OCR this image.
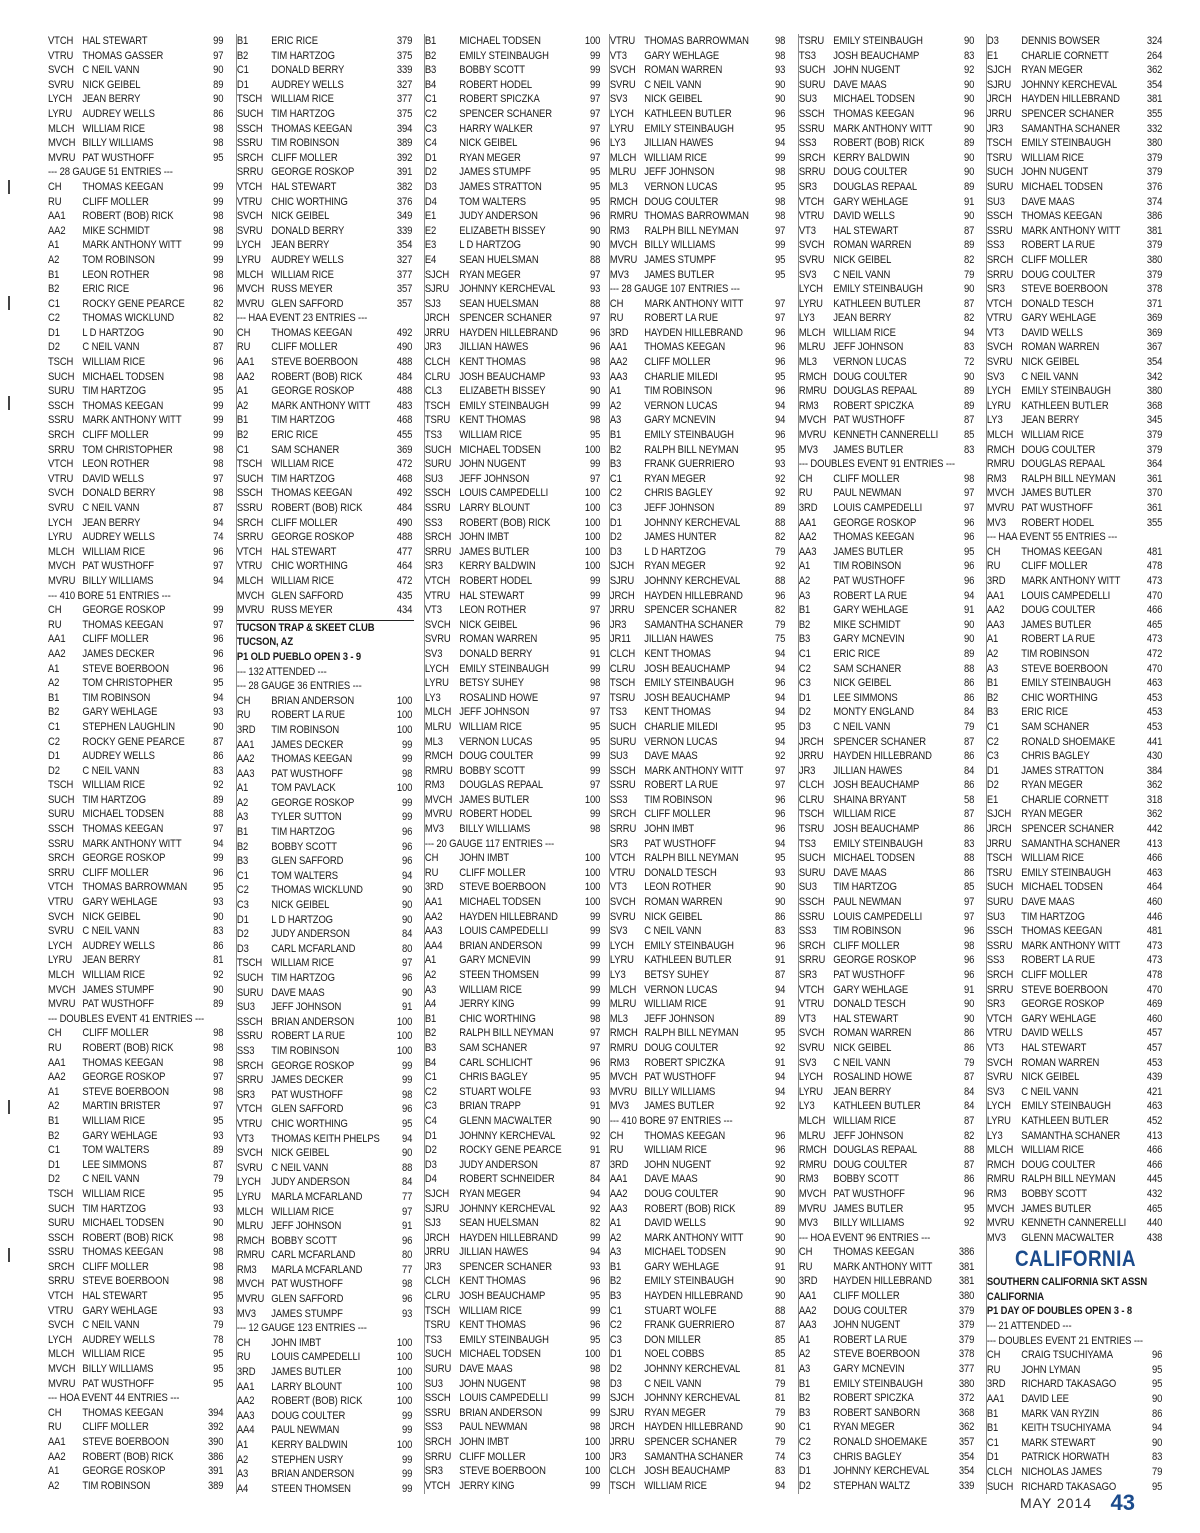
VTCH HAL STEWART	99
VTRU THOMAS GASSER	97
SVCH C NEIL VANN	90
SVRU NICK GEIBEL	89
LYCH JEAN BERRY	90
LYRU AUDREY WELLS	86
MLCH WILLIAM RICE	98
MVCH BILLY WILLIAMS	98
MVRU PAT WUSTHOFF	95
--- 28 GAUGE 51 ENTRIES ---
CH	THOMAS KEEGAN	99
RU	CLIFF MOLLER	99
AA1	ROBERT (BOB) RICK	98
AA2	MIKE SCHMIDT	98
A1	MARK ANTHONY WITT	99
A2	TOM ROBINSON	99
B1	LEON ROTHER	98
B2	ERIC RICE	96
C1	ROCKY GENE PEARCE	82
C2	THOMAS WICKLUND	82
D1	L D HARTZOG	90
D2	C NEIL VANN	87
TSCH WILLIAM RICE	96
SUCH MICHAEL TODSEN	98
SURU TIM HARTZOG	95
SSCH THOMAS KEEGAN	99
SSRU MARK ANTHONY WITT	99
SRCH CLIFF MOLLER	99
SRRU TOM CHRISTOPHER	98
VTCH LEON ROTHER	98
VTRU DAVID WELLS	97
SVCH DONALD BERRY	98
SVRU C NEIL VANN	87
LYCH JEAN BERRY	94
LYRU AUDREY WELLS	74
MLCH WILLIAM RICE	96
MVCH PAT WUSTHOFF	97
MVRU BILLY WILLIAMS	94
--- 410 BORE 51 ENTRIES ---
CH	GEORGE ROSKOP	99
RU	THOMAS KEEGAN	97
AA1	CLIFF MOLLER	96
AA2	JAMES DECKER	96
A1	STEVE BOERBOON	96
A2	TOM CHRISTOPHER	95
B1	TIM ROBINSON	94
B2	GARY WEHLAGE	93
C1	STEPHEN LAUGHLIN	90
C2	ROCKY GENE PEARCE	87
D1	AUDREY WELLS	86
D2	C NEIL VANN	83
TSCH WILLIAM RICE	92
SUCH TIM HARTZOG	89
SURU MICHAEL TODSEN	88
SSCH THOMAS KEEGAN	97
SSRU MARK ANTHONY WITT	94
SRCH GEORGE ROSKOP	99
SRRU CLIFF MOLLER	96
VTCH THOMAS BARROWMAN	95
VTRU GARY WEHLAGE	93
SVCH NICK GEIBEL	90
SVRU C NEIL VANN	83
LYCH AUDREY WELLS	86
LYRU JEAN BERRY	81
MLCH WILLIAM RICE	92
MVCH JAMES STUMPF	90
MVRU PAT WUSTHOFF	89
--- DOUBLES EVENT 41 ENTRIES ---
CH	CLIFF MOLLER	98
RU	ROBERT (BOB) RICK	98
AA1	THOMAS KEEGAN	98
AA2	GEORGE ROSKOP	97
A1	STEVE BOERBOON	98
A2	MARTIN BRISTER	97
B1	WILLIAM RICE	95
B2	GARY WEHLAGE	93
C1	TOM WALTERS	89
D1	LEE SIMMONS	87
D2	C NEIL VANN	79
TSCH WILLIAM RICE	95
SUCH TIM HARTZOG	93
SURU MICHAEL TODSEN	90
SSCH ROBERT (BOB) RICK	98
SSRU THOMAS KEEGAN	98
SRCH CLIFF MOLLER	98
SRRU STEVE BOERBOON	98
VTCH HAL STEWART	95
VTRU GARY WEHLAGE	93
SVCH C NEIL VANN	79
LYCH AUDREY WELLS	78
MLCH WILLIAM RICE	95
MVCH BILLY WILLIAMS	95
MVRU PAT WUSTHOFF	95
--- HOA EVENT 44 ENTRIES ---
CH	THOMAS KEEGAN	394
RU	CLIFF MOLLER	392
AA1	STEVE BOERBOON	390
AA2	ROBERT (BOB) RICK	386
A1	GEORGE ROSKOP	391
A2	TIM ROBINSON	389
B1	ERIC RICE	379
B2	TIM HARTZOG	375
C1	DONALD BERRY	339
D1	AUDREY WELLS	327
TSCH WILLIAM RICE	377
SUCH TIM HARTZOG	375
SSCH THOMAS KEEGAN	394
SSRU TIM ROBINSON	389
SRCH CLIFF MOLLER	392
SRRU GEORGE ROSKOP	391
VTCH HAL STEWART	382
VTRU CHIC WORTHING	376
SVCH NICK GEIBEL	349
SVRU DONALD BERRY	339
LYCH JEAN BERRY	354
LYRU AUDREY WELLS	327
MLCH WILLIAM RICE	377
MVCH RUSS MEYER	357
MVRU GLEN SAFFORD	357
--- HAA EVENT 23 ENTRIES ---
CH	THOMAS KEEGAN	492
RU	CLIFF MOLLER	490
AA1	STEVE BOERBOON	488
AA2	ROBERT (BOB) RICK	484
A1	GEORGE ROSKOP	488
A2	MARK ANTHONY WITT	483
B1	TIM HARTZOG	468
B2	ERIC RICE	455
C1	SAM SCHANER	369
TSCH WILLIAM RICE	472
SUCH TIM HARTZOG	468
SSCH THOMAS KEEGAN	492
SSRU ROBERT (BOB) RICK	484
SRCH CLIFF MOLLER	490
SRRU GEORGE ROSKOP	488
VTCH HAL STEWART	477
VTRU CHIC WORTHING	464
MLCH WILLIAM RICE	472
MVCH GLEN SAFFORD	435
MVRU RUSS MEYER	434
TUCSON TRAP & SKEET CLUB
TUCSON, AZ
P1 OLD PUEBLO OPEN 3 - 9
--- 132 ATTENDED ---
--- 28 GAUGE 36 ENTRIES ---
CH	BRIAN ANDERSON	100
RU	ROBERT LA RUE	100
3RD	TIM ROBINSON	100
AA1	JAMES DECKER	99
AA2	THOMAS KEEGAN	99
AA3	PAT WUSTHOFF	98
A1	TOM PAVLACK	100
A2	GEORGE ROSKOP	99
A3	TYLER SUTTON	99
B1	TIM HARTZOG	96
B2	BOBBY SCOTT	96
B3	GLEN SAFFORD	96
C1	TOM WALTERS	94
C2	THOMAS WICKLUND	90
C3	NICK GEIBEL	90
D1	L D HARTZOG	90
D2	JUDY ANDERSON	84
D3	CARL MCFARLAND	80
TSCH WILLIAM RICE	97
SUCH TIM HARTZOG	96
SURU DAVE MAAS	90
SU3	JEFF JOHNSON	91
SSCH BRIAN ANDERSON	100
SSRU ROBERT LA RUE	100
SS3	TIM ROBINSON	100
SRCH GEORGE ROSKOP	99
SRRU JAMES DECKER	99
SR3	PAT WUSTHOFF	98
VTCH GLEN SAFFORD	96
VTRU CHIC WORTHING	95
VT3	THOMAS KEITH PHELPS	94
SVCH NICK GEIBEL	90
SVRU C NEIL VANN	88
LYCH JUDY ANDERSON	84
LYRU MARLA MCFARLAND	77
MLCH WILLIAM RICE	97
MLRU JEFF JOHNSON	91
RMCH BOBBY SCOTT	96
RMRU CARL MCFARLAND	80
RM3	MARLA MCFARLAND	77
MVCH PAT WUSTHOFF	98
MVRU GLEN SAFFORD	96
MV3	JAMES STUMPF	93
--- 12 GAUGE 123 ENTRIES ---
CH	JOHN IMBT	100
RU	LOUIS CAMPEDELLI	100
3RD	JAMES BUTLER	100
AA1	LARRY BLOUNT	100
AA2	ROBERT (BOB) RICK	100
AA3	DOUG COULTER	99
AA4	PAUL NEWMAN	99
A1	KERRY BALDWIN	100
A2	STEPHEN USRY	99
A3	BRIAN ANDERSON	99
A4	STEEN THOMSEN	99
B1	MICHAEL TODSEN	100
B2	EMILY STEINBAUGH	99
B3	BOBBY SCOTT	99
B4	ROBERT HODEL	99
C1	ROBERT SPICZKA	97
C2	SPENCER SCHANER	97
C3	HARRY WALKER	97
C4	NICK GEIBEL	96
D1	RYAN MEGER	97
D2	JAMES STUMPF	95
D3	JAMES STRATTON	95
D4	TOM WALTERS	95
E1	JUDY ANDERSON	96
E2	ELIZABETH BISSEY	90
E3	L D HARTZOG	90
E4	SEAN HUELSMAN	88
SJCH RYAN MEGER	97
SJRU JOHNNY KERCHEVAL	93
SJ3	SEAN HUELSMAN	88
JRCH SPENCER SCHANER	97
JRRU HAYDEN HILLEBRAND	96
JR3	JILLIAN HAWES	96
CLCH KENT THOMAS	98
CLRU JOSH BEAUCHAMP	93
CL3	ELIZABETH BISSEY	90
TSCH EMILY STEINBAUGH	99
TSRU KENT THOMAS	98
TS3	WILLIAM RICE	95
SUCH MICHAEL TODSEN	100
SURU JOHN NUGENT	99
SU3	JEFF JOHNSON	97
SSCH LOUIS CAMPEDELLI	100
SSRU LARRY BLOUNT	100
SS3	ROBERT (BOB) RICK	100
SRCH JOHN IMBT	100
SRRU JAMES BUTLER	100
SR3	KERRY BALDWIN	100
VTCH ROBERT HODEL	99
VTRU HAL STEWART	99
VT3	LEON ROTHER	97
SVCH NICK GEIBEL	96
SVRU ROMAN WARREN	95
SV3	DONALD BERRY	91
LYCH EMILY STEINBAUGH	99
LYRU BETSY SUHEY	98
LY3	ROSALIND HOWE	97
MLCH JEFF JOHNSON	97
MLRU WILLIAM RICE	95
ML3	VERNON LUCAS	95
RMCH DOUG COULTER	99
RMRU BOBBY SCOTT	99
RM3	DOUGLAS REPAAL	97
MVCH JAMES BUTLER	100
MVRU ROBERT HODEL	99
MV3	BILLY WILLIAMS	98
--- 20 GAUGE 117 ENTRIES ---
CH	JOHN IMBT	100
RU	CLIFF MOLLER	100
3RD	STEVE BOERBOON	100
AA1	MICHAEL TODSEN	100
AA2	HAYDEN HILLEBRAND	99
AA3	LOUIS CAMPEDELLI	99
AA4	BRIAN ANDERSON	99
A1	GARY MCNEVIN	99
A2	STEEN THOMSEN	99
A3	WILLIAM RICE	99
A4	JERRY KING	99
B1	CHIC WORTHING	98
B2	RALPH BILL NEYMAN	97
B3	SAM SCHANER	97
B4	CARL SCHLICHT	96
C1	CHRIS BAGLEY	95
C2	STUART WOLFE	93
C3	BRIAN TRAPP	91
C4	GLENN MACWALTER	90
D1	JOHNNY KERCHEVAL	92
D2	ROCKY GENE PEARCE	91
D3	JUDY ANDERSON	87
D4	ROBERT SCHNEIDER	84
SJCH RYAN MEGER	94
SJRU JOHNNY KERCHEVAL	92
SJ3	SEAN HUELSMAN	82
JRCH HAYDEN HILLEBRAND	99
JRRU JILLIAN HAWES	94
JR3	SPENCER SCHANER	93
CLCH KENT THOMAS	96
CLRU JOSH BEAUCHAMP	95
TSCH WILLIAM RICE	99
TSRU KENT THOMAS	96
TS3	EMILY STEINBAUGH	95
SUCH MICHAEL TODSEN	100
SURU DAVE MAAS	98
SU3	JOHN NUGENT	98
SSCH LOUIS CAMPEDELLI	99
SSRU BRIAN ANDERSON	99
SS3	PAUL NEWMAN	98
SRCH JOHN IMBT	100
SRRU CLIFF MOLLER	100
SR3	STEVE BOERBOON	100
VTCH JERRY KING	99
VTRU THOMAS BARROWMAN	98
VT3	GARY WEHLAGE	98
SVCH ROMAN WARREN	93
SVRU C NEIL VANN	90
SV3	NICK GEIBEL	90
LYCH KATHLEEN BUTLER	96
LYRU EMILY STEINBAUGH	95
LY3	JILLIAN HAWES	94
MLCH WILLIAM RICE	99
MLRU JEFF JOHNSON	98
ML3	VERNON LUCAS	95
RMCH DOUG COULTER	98
RMRU THOMAS BARROWMAN	98
RM3	RALPH BILL NEYMAN	97
MVCH BILLY WILLIAMS	99
MVRU JAMES STUMPF	95
MV3	JAMES BUTLER	95
--- 28 GAUGE 107 ENTRIES ---
CH	MARK ANTHONY WITT	97
RU	ROBERT LA RUE	97
3RD	HAYDEN HILLEBRAND	96
AA1	THOMAS KEEGAN	96
AA2	CLIFF MOLLER	96
AA3	CHARLIE MILEDI	95
A1	TIM ROBINSON	96
A2	VERNON LUCAS	94
A3	GARY MCNEVIN	94
B1	EMILY STEINBAUGH	96
B2	RALPH BILL NEYMAN	95
B3	FRANK GUERRIERO	93
C1	RYAN MEGER	92
C2	CHRIS BAGLEY	92
C3	JEFF JOHNSON	89
D1	JOHNNY KERCHEVAL	88
D2	JAMES HUNTER	82
D3	L D HARTZOG	79
SJCH RYAN MEGER	92
SJRU JOHNNY KERCHEVAL	88
JRCH HAYDEN HILLEBRAND	96
JRRU SPENCER SCHANER	82
JR3	SAMANTHA SCHANER	79
JR11	JILLIAN HAWES	75
CLCH KENT THOMAS	94
CLRU JOSH BEAUCHAMP	94
TSCH EMILY STEINBAUGH	96
TSRU JOSH BEAUCHAMP	94
TS3	KENT THOMAS	94
SUCH CHARLIE MILEDI	95
SURU VERNON LUCAS	94
SU3	DAVE MAAS	92
SSCH MARK ANTHONY WITT	97
SSRU ROBERT LA RUE	97
SS3	TIM ROBINSON	96
SRCH CLIFF MOLLER	96
SRRU JOHN IMBT	96
SR3	PAT WUSTHOFF	94
VTCH RALPH BILL NEYMAN	95
VTRU DONALD TESCH	93
VT3	LEON ROTHER	90
SVCH ROMAN WARREN	90
SVRU NICK GEIBEL	86
SV3	C NEIL VANN	83
LYCH EMILY STEINBAUGH	96
LYRU KATHLEEN BUTLER	91
LY3	BETSY SUHEY	87
MLCH VERNON LUCAS	94
MLRU WILLIAM RICE	91
ML3	JEFF JOHNSON	89
RMCH RALPH BILL NEYMAN	95
RMRU DOUG COULTER	92
RM3	ROBERT SPICZKA	91
MVCH PAT WUSTHOFF	94
MVRU BILLY WILLIAMS	94
MV3	JAMES BUTLER	92
--- 410 BORE 97 ENTRIES ---
CH	THOMAS KEEGAN	96
RU	WILLIAM RICE	96
3RD	JOHN NUGENT	92
AA1	DAVE MAAS	90
AA2	DOUG COULTER	90
AA3	ROBERT (BOB) RICK	89
A1	DAVID WELLS	90
A2	MARK ANTHONY WITT	90
A3	MICHAEL TODSEN	90
B1	GARY WEHLAGE	91
B2	EMILY STEINBAUGH	90
B3	HAYDEN HILLEBRAND	90
C1	STUART WOLFE	88
C2	FRANK GUERRIERO	87
C3	DON MILLER	85
D1	NOEL COBBS	85
D2	JOHNNY KERCHEVAL	81
D3	C NEIL VANN	79
SJCH JOHNNY KERCHEVAL	81
SJRU RYAN MEGER	79
JRCH HAYDEN HILLEBRAND	90
JRRU SPENCER SCHANER	79
JR3	SAMANTHA SCHANER	74
CLCH JOSH BEAUCHAMP	83
TSCH WILLIAM RICE	94
TSRU EMILY STEINBAUGH	90
TS3	JOSH BEAUCHAMP	83
SUCH JOHN NUGENT	92
SURU DAVE MAAS	90
SU3	MICHAEL TODSEN	90
SSCH THOMAS KEEGAN	96
SSRU MARK ANTHONY WITT	90
SS3	ROBERT (BOB) RICK	89
SRCH KERRY BALDWIN	90
SRRU DOUG COULTER	90
SR3	DOUGLAS REPAAL	89
VTCH GARY WEHLAGE	91
VTRU DAVID WELLS	90
VT3	HAL STEWART	87
SVCH ROMAN WARREN	89
SVRU NICK GEIBEL	82
SV3	C NEIL VANN	79
LYCH EMILY STEINBAUGH	90
LYRU KATHLEEN BUTLER	87
LY3	JEAN BERRY	82
MLCH WILLIAM RICE	94
MLRU JEFF JOHNSON	83
ML3	VERNON LUCAS	72
RMCH DOUG COULTER	90
RMRU DOUGLAS REPAAL	89
RM3	ROBERT SPICZKA	89
MVCH PAT WUSTHOFF	87
MVRU KENNETH CANNERELLI	85
MV3	JAMES BUTLER	83
--- DOUBLES EVENT 91 ENTRIES ---
CH	CLIFF MOLLER	98
RU	PAUL NEWMAN	97
3RD	LOUIS CAMPEDELLI	97
AA1	GEORGE ROSKOP	96
AA2	THOMAS KEEGAN	96
AA3	JAMES BUTLER	95
A1	TIM ROBINSON	96
A2	PAT WUSTHOFF	96
A3	ROBERT LA RUE	94
B1	GARY WEHLAGE	91
B2	MIKE SCHMIDT	90
B3	GARY MCNEVIN	90
C1	ERIC RICE	89
C2	SAM SCHANER	88
C3	NICK GEIBEL	86
D1	LEE SIMMONS	86
D2	MONTY ENGLAND	84
D3	C NEIL VANN	79
JRCH SPENCER SCHANER	87
JRRU HAYDEN HILLEBRAND	86
JR3	JILLIAN HAWES	84
CLCH JOSH BEAUCHAMP	86
CLRU SHAINA BRYANT	58
TSCH WILLIAM RICE	87
TSRU JOSH BEAUCHAMP	86
TS3	EMILY STEINBAUGH	83
SUCH MICHAEL TODSEN	88
SURU DAVE MAAS	86
SU3	TIM HARTZOG	85
SSCH PAUL NEWMAN	97
SSRU LOUIS CAMPEDELLI	97
SS3	TIM ROBINSON	96
SRCH CLIFF MOLLER	98
SRRU GEORGE ROSKOP	96
SR3	PAT WUSTHOFF	96
VTCH GARY WEHLAGE	91
VTRU DONALD TESCH	90
VT3	HAL STEWART	90
SVCH ROMAN WARREN	86
SVRU NICK GEIBEL	86
SV3	C NEIL VANN	79
LYCH ROSALIND HOWE	87
LYRU JEAN BERRY	84
LY3	KATHLEEN BUTLER	84
MLCH WILLIAM RICE	87
MLRU JEFF JOHNSON	82
RMCH DOUGLAS REPAAL	88
RMRU DOUG COULTER	87
RM3	BOBBY SCOTT	86
MVCH PAT WUSTHOFF	96
MVRU JAMES BUTLER	95
MV3	BILLY WILLIAMS	92
--- HOA EVENT 96 ENTRIES ---
CH	THOMAS KEEGAN	386
RU	MARK ANTHONY WITT	381
3RD	HAYDEN HILLEBRAND	381
AA1	CLIFF MOLLER	380
AA2	DOUG COULTER	379
AA3	JOHN NUGENT	379
A1	ROBERT LA RUE	379
A2	STEVE BOERBOON	378
A3	GARY MCNEVIN	377
B1	EMILY STEINBAUGH	380
B2	ROBERT SPICZKA	372
B3	ROBERT SANBORN	368
C1	RYAN MEGER	362
C2	RONALD SHOEMAKE	357
C3	CHRIS BAGLEY	354
D1	JOHNNY KERCHEVAL	354
D2	STEPHAN WALTZ	339
D3	DENNIS BOWSER	324
E1	CHARLIE CORNETT	264
SJCH RYAN MEGER	362
SJRU JOHNNY KERCHEVAL	354
JRCH HAYDEN HILLEBRAND	381
JRRU SPENCER SCHANER	355
JR3	SAMANTHA SCHANER	332
TSCH EMILY STEINBAUGH	380
TSRU WILLIAM RICE	379
SUCH JOHN NUGENT	379
SURU MICHAEL TODSEN	376
SU3	DAVE MAAS	374
SSCH THOMAS KEEGAN	386
SSRU MARK ANTHONY WITT	381
SS3	ROBERT LA RUE	379
SRCH CLIFF MOLLER	380
SRRU DOUG COULTER	379
SR3	STEVE BOERBOON	378
VTCH DONALD TESCH	371
VTRU GARY WEHLAGE	369
VT3	DAVID WELLS	369
SVCH ROMAN WARREN	367
SVRU NICK GEIBEL	354
SV3	C NEIL VANN	342
LYCH EMILY STEINBAUGH	380
LYRU KATHLEEN BUTLER	368
LY3	JEAN BERRY	345
MLCH WILLIAM RICE	379
RMCH DOUG COULTER	379
RMRU DOUGLAS REPAAL	364
RM3	RALPH BILL NEYMAN	361
MVCH JAMES BUTLER	370
MVRU PAT WUSTHOFF	361
MV3	ROBERT HODEL	355
--- HAA EVENT 55 ENTRIES ---
CH	THOMAS KEEGAN	481
RU	CLIFF MOLLER	478
3RD	MARK ANTHONY WITT	473
AA1	LOUIS CAMPEDELLI	470
AA2	DOUG COULTER	466
AA3	JAMES BUTLER	465
A1	ROBERT LA RUE	473
A2	TIM ROBINSON	472
A3	STEVE BOERBOON	470
B1	EMILY STEINBAUGH	463
B2	CHIC WORTHING	453
B3	ERIC RICE	453
C1	SAM SCHANER	453
C2	RONALD SHOEMAKE	441
C3	CHRIS BAGLEY	430
D1	JAMES STRATTON	384
D2	RYAN MEGER	362
E1	CHARLIE CORNETT	318
SJCH RYAN MEGER	362
JRCH SPENCER SCHANER	442
JRRU SAMANTHA SCHANER	413
TSCH WILLIAM RICE	466
TSRU EMILY STEINBAUGH	463
SUCH MICHAEL TODSEN	464
SURU DAVE MAAS	460
SU3	TIM HARTZOG	446
SSCH THOMAS KEEGAN	481
SSRU MARK ANTHONY WITT	473
SS3	ROBERT LA RUE	473
SRCH CLIFF MOLLER	478
SRRU STEVE BOERBOON	470
SR3	GEORGE ROSKOP	469
VTCH GARY WEHLAGE	460
VTRU DAVID WELLS	457
VT3	HAL STEWART	457
SVCH ROMAN WARREN	453
SVRU NICK GEIBEL	439
SV3	C NEIL VANN	421
LYCH EMILY STEINBAUGH	463
LYRU KATHLEEN BUTLER	452
LY3	SAMANTHA SCHANER	413
MLCH WILLIAM RICE	466
RMCH DOUG COULTER	466
RMRU RALPH BILL NEYMAN	445
RM3	BOBBY SCOTT	432
MVCH JAMES BUTLER	465
MVRU KENNETH CANNERELLI	440
MV3	GLENN MACWALTER	438
CALIFORNIA
SOUTHERN CALIFORNIA SKT ASSN
CALIFORNIA
P1 DAY OF DOUBLES OPEN 3 - 8
--- 21 ATTENDED ---
--- DOUBLES EVENT 21 ENTRIES ---
CH	CRAIG TSUCHIYAMA	96
RU	JOHN LYMAN	95
3RD	RICHARD TAKASAGO	95
AA1	DAVID LEE	90
B1	MARK VAN RYZIN	86
B1	KEITH TSUCHIYAMA	94
C1	MARK STEWART	90
D1	PATRICK HORWATH	83
CLCH NICHOLAS JAMES	79
SUCH RICHARD TAKASAGO	95
MAY 2014 43
